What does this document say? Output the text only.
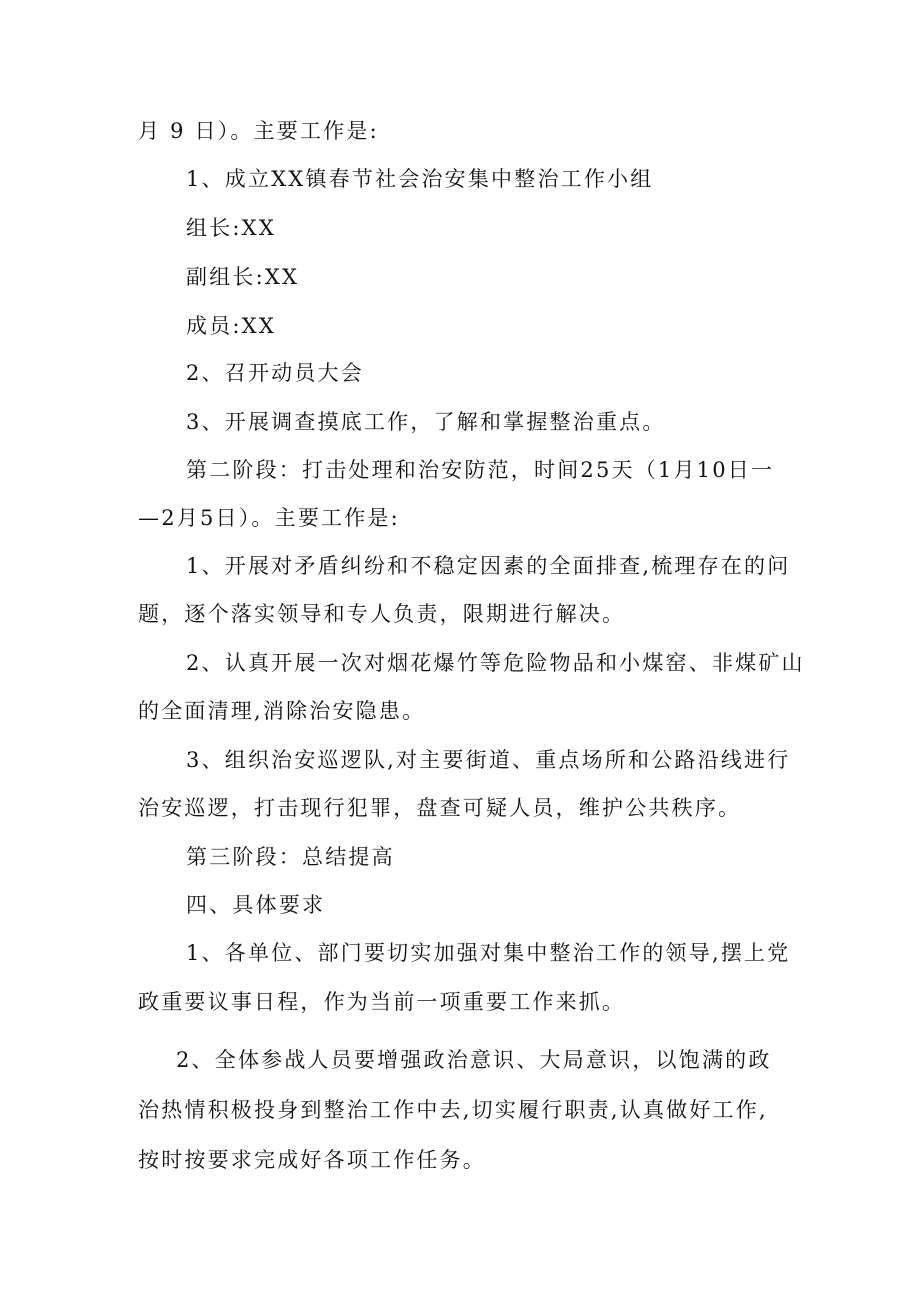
月 9 日）。主要工作是:
1、成立XX镇春节社会治安集中整治工作小组
组长:XX
副组长:XX
成员:XX
2、召开动员大会
3、开展调查摸底工作，了解和掌握整治重点。
第二阶段：打击处理和治安防范，时间25天（1月10日一
—2月5日）。主要工作是:
1、开展对矛盾纠纷和不稳定因素的全面排查,梳理存在的问
题，逐个落实领导和专人负责，限期进行解决。
2、认真开展一次对烟花爆竹等危险物品和小煤窑、非煤矿山
的全面清理,消除治安隐患。
3、组织治安巡逻队,对主要街道、重点场所和公路沿线进行
治安巡逻，打击现行犯罪，盘查可疑人员，维护公共秩序。
第三阶段：总结提高
四、具体要求
1、各单位、部门要切实加强对集中整治工作的领导,摆上党
政重要议事日程，作为当前一项重要工作来抓。
2、全体参战人员要增强政治意识、大局意识，以饱满的政
治热情积极投身到整治工作中去,切实履行职责,认真做好工作,
按时按要求完成好各项工作任务。
